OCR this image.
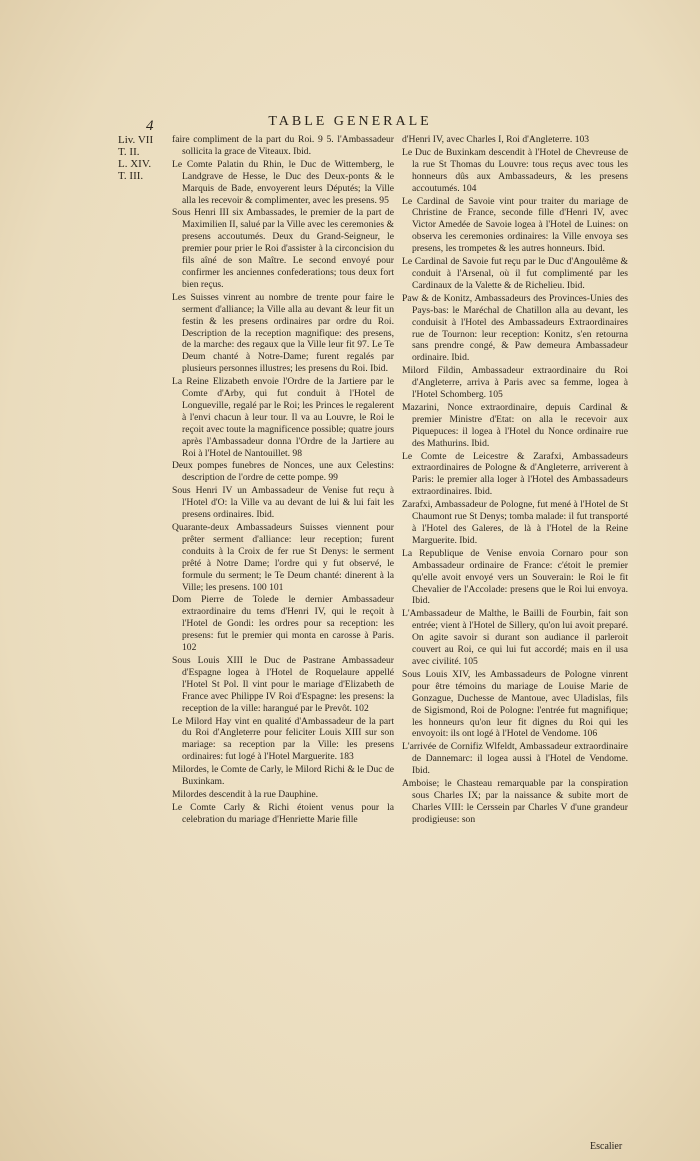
4	TABLE GENERALE
Liv. VII
T. II.
L. XIV.
T. III.

faire compliment de la part du Roi. 9 5. l'Ambassadeur sollicita la grace de Viteaux. Ibid.

Le Comte Palatin du Rhin, le Duc de Wittemberg, le Landgrave de Hesse, le Duc des Deux-ponts & le Marquis de Bade, envoyerent leurs Députés; la Ville alla les recevoir & complimenter, avec les presens. 95

Sous Henri III six Ambassades, le premier de la part de Maximilien II, salué par la Ville avec les ceremonies & presens accoutumés. Deux du Grand-Seigneur, le premier pour prier le Roi d'assister à la circoncision du fils aîné de son Maître. Le second envoyé pour confirmer les anciennes confederations; tous deux fort bien reçus.

Les Suisses vinrent au nombre de trente pour faire le serment d'alliance; la Ville alla au devant & leur fit un festin & les presens ordinaires par ordre du Roi. Description de la reception magnifique: des presens, de la marche: des regaux que la Ville leur fit 97. Le Te Deum chanté à Notre-Dame; furent regalés par plusieurs personnes illustres; les presens du Roi. Ibid.

La Reine Elizabeth envoie l'Ordre de la Jartiere par le Comte d'Arby, qui fut conduit à l'Hotel de Longueville, regalé par le Roi; les Princes le regalerent à l'envi chacun à leur tour. Il va au Louvre, le Roi le reçoit avec toute la magnificence possible; quatre jours après l'Ambassadeur donna l'Ordre de la Jartiere au Roi à l'Hotel de Nantouillet. 98

Deux pompes funebres de Nonces, une aux Celestins: description de l'ordre de cette pompe. 99

Sous Henri IV un Ambassadeur de Venise fut reçu à l'Hotel d'O: la Ville va au devant de lui & lui fait les presens ordinaires. Ibid.

Quarante-deux Ambassadeurs Suisses viennent pour prêter serment d'alliance: leur reception; furent conduits à la Croix de fer rue St Denys: le serment prêté à Notre Dame; l'ordre qui y fut observé, le formule du serment; le Te Deum chanté: dinerent à la Ville; les presens. 100 101

Dom Pierre de Tolede le dernier Ambassadeur extraordinaire du tems d'Henri IV, qui le reçoit à l'Hotel de Gondi: les ordres pour sa reception: les presens: fut le premier qui monta en carosse à Paris. 102

Sous Louis XIII le Duc de Pastrane Ambassadeur d'Espagne logea à l'Hotel de Roquelaure appellé l'Hotel St Pol. Il vint pour le mariage d'Elizabeth de France avec Philippe IV Roi d'Espagne: les presens: la reception de la ville: harangué par le Prevôt. 102

Le Milord Hay vint en qualité d'Ambassadeur de la part du Roi d'Angleterre pour feliciter Louis XIII sur son mariage: sa reception par la Ville: les presens ordinaires: fut logé à l'Hotel Marguerite. 183

Milordes, le Comte de Carly, le Milord Richi & le Duc de Buxinkam.

Milordes descendit à la rue Dauphine.

Le Comte Carly & Richi étoient venus pour la celebration du mariage d'Henriette Marie fille

d'Henri IV, avec Charles I, Roi d'Angleterre. 103

Le Duc de Buxinkam descendit à l'Hotel de Chevreuse de la rue St Thomas du Louvre: tous reçus avec tous les honneurs dûs aux Ambassadeurs, & les presens accoutumés. 104

Le Cardinal de Savoie vint pour traiter du mariage de Christine de France, seconde fille d'Henri IV, avec Victor Amedée de Savoie logea à l'Hotel de Luines: on observa les ceremonies ordinaires: la Ville envoya ses presens, les trompetes & les autres honneurs. Ibid.

Le Cardinal de Savoie fut reçu par le Duc d'Angoulême & conduit à l'Arsenal, où il fut complimenté par les Cardinaux de la Valette & de Richelieu. Ibid.

Paw & de Konitz, Ambassadeurs des Provinces-Unies des Pays-bas: le Maréchal de Chatillon alla au devant, les conduisit à l'Hotel des Ambassadeurs Extraordinaires rue de Tournon: leur reception: Konitz, s'en retourna sans prendre congé, & Paw demeura Ambassadeur ordinaire. Ibid.

Milord Fildin, Ambassadeur extraordinaire du Roi d'Angleterre, arriva à Paris avec sa femme, logea à l'Hotel Schomberg. 105

Mazarini, Nonce extraordinaire, depuis Cardinal & premier Ministre d'Etat: on alla le recevoir aux Piquepuces: il logea à l'Hotel du Nonce ordinaire rue des Mathurins. Ibid.

Le Comte de Leicestre & Zarafxi, Ambassadeurs extraordinaires de Pologne & d'Angleterre, arriverent à Paris: le premier alla loger à l'Hotel des Ambassadeurs extraordinaires. Ibid.

Zarafxi, Ambassadeur de Pologne, fut mené à l'Hotel de St Chaumont rue St Denys; tomba malade: il fut transporté à l'Hotel des Galeres, de là à l'Hotel de la Reine Marguerite. Ibid.

La Republique de Venise envoia Cornaro pour son Ambassadeur ordinaire de France: c'étoit le premier qu'elle avoit envoyé vers un Souverain: le Roi le fit Chevalier de l'Accolade: presens que le Roi lui envoya. Ibid.

L'Ambassadeur de Malthe, le Bailli de Fourbin, fait son entrée; vient à l'Hotel de Sillery, qu'on lui avoit preparé. On agite savoir si durant son audiance il parleroit couvert au Roi, ce qui lui fut accordé; mais en il usa avec civilité. 105

Sous Louis XIV, les Ambassadeurs de Pologne vinrent pour être témoins du mariage de Louise Marie de Gonzague, Duchesse de Mantoue, avec Uladislas, fils de Sigismond, Roi de Pologne: l'entrée fut magnifique; les honneurs qu'on leur fit dignes du Roi qui les envoyoit: ils ont logé à l'Hotel de Vendome. 106

L'arrivée de Cornifiz Wlfeldt, Ambassadeur extraordinaire de Dannemarc: il logea aussi à l'Hotel de Vendome. Ibid.

Amboise; le Chasteau remarquable par la conspiration sous Charles IX; par la naissance & subite mort de Charles VIII: le Cerssein par Charles V d'une grandeur prodigieuse: son

Escalier
